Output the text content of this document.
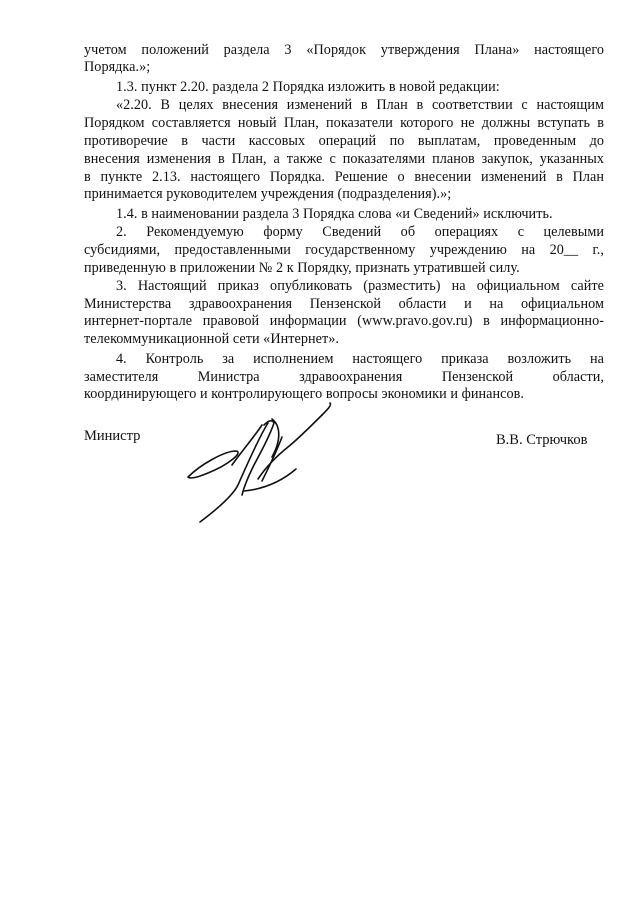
учетом положений раздела 3 «Порядок утверждения Плана» настоящего
Порядка.»;
1.3. пункт 2.20. раздела 2 Порядка изложить в новой редакции:
«2.20. В целях внесения изменений в План в соответствии с настоящим
Порядком составляется новый План, показатели которого не должны вступать в
противоречие в части кассовых операций по выплатам, проведенным до
внесения изменения в План, а также с показателями планов закупок, указанных
в пункте 2.13. настоящего Порядка. Решение о внесении изменений в План
принимается руководителем учреждения (подразделения).»;
1.4. в наименовании раздела 3 Порядка слова «и Сведений» исключить.
2. Рекомендуемую форму Сведений об операциях с целевыми
субсидиями, предоставленными государственному учреждению на 20__ г.,
приведенную в приложении № 2 к Порядку, признать утратившей силу.
3. Настоящий приказ опубликовать (разместить) на официальном сайте
Министерства здравоохранения Пензенской области и на официальном
интернет-портале правовой информации (www.pravo.gov.ru) в информационно-
телекоммуникационной сети «Интернет».
4. Контроль за исполнением настоящего приказа возложить на
заместителя Министра здравоохранения Пензенской области,
координирующего и контролирующего вопросы экономики и финансов.
Министр	В.В. Стрючков
